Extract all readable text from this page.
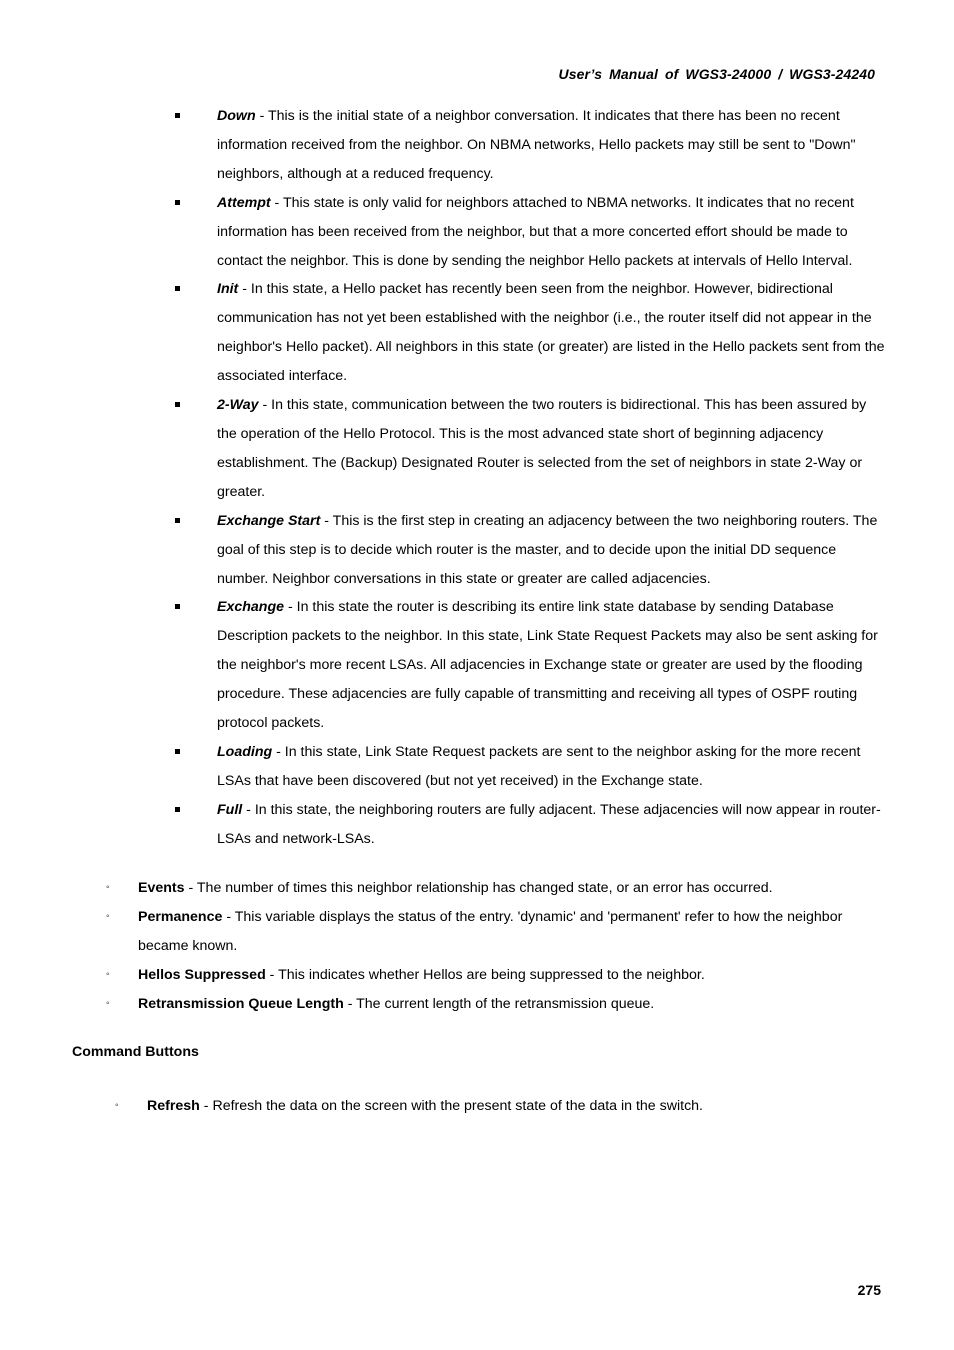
User’s Manual of WGS3-24000 / WGS3-24240
Down - This is the initial state of a neighbor conversation. It indicates that there has been no recent information received from the neighbor. On NBMA networks, Hello packets may still be sent to "Down" neighbors, although at a reduced frequency.
Attempt - This state is only valid for neighbors attached to NBMA networks. It indicates that no recent information has been received from the neighbor, but that a more concerted effort should be made to contact the neighbor. This is done by sending the neighbor Hello packets at intervals of Hello Interval.
Init - In this state, a Hello packet has recently been seen from the neighbor. However, bidirectional communication has not yet been established with the neighbor (i.e., the router itself did not appear in the neighbor's Hello packet). All neighbors in this state (or greater) are listed in the Hello packets sent from the associated interface.
2-Way - In this state, communication between the two routers is bidirectional. This has been assured by the operation of the Hello Protocol. This is the most advanced state short of beginning adjacency establishment. The (Backup) Designated Router is selected from the set of neighbors in state 2-Way or greater.
Exchange Start - This is the first step in creating an adjacency between the two neighboring routers. The goal of this step is to decide which router is the master, and to decide upon the initial DD sequence number. Neighbor conversations in this state or greater are called adjacencies.
Exchange - In this state the router is describing its entire link state database by sending Database Description packets to the neighbor. In this state, Link State Request Packets may also be sent asking for the neighbor's more recent LSAs. All adjacencies in Exchange state or greater are used by the flooding procedure. These adjacencies are fully capable of transmitting and receiving all types of OSPF routing protocol packets.
Loading - In this state, Link State Request packets are sent to the neighbor asking for the more recent LSAs that have been discovered (but not yet received) in the Exchange state.
Full - In this state, the neighboring routers are fully adjacent. These adjacencies will now appear in router-LSAs and network-LSAs.
◦ Events - The number of times this neighbor relationship has changed state, or an error has occurred.
◦ Permanence - This variable displays the status of the entry. 'dynamic' and 'permanent' refer to how the neighbor became known.
◦ Hellos Suppressed - This indicates whether Hellos are being suppressed to the neighbor.
◦ Retransmission Queue Length - The current length of the retransmission queue.
Command Buttons
◦ Refresh - Refresh the data on the screen with the present state of the data in the switch.
275
